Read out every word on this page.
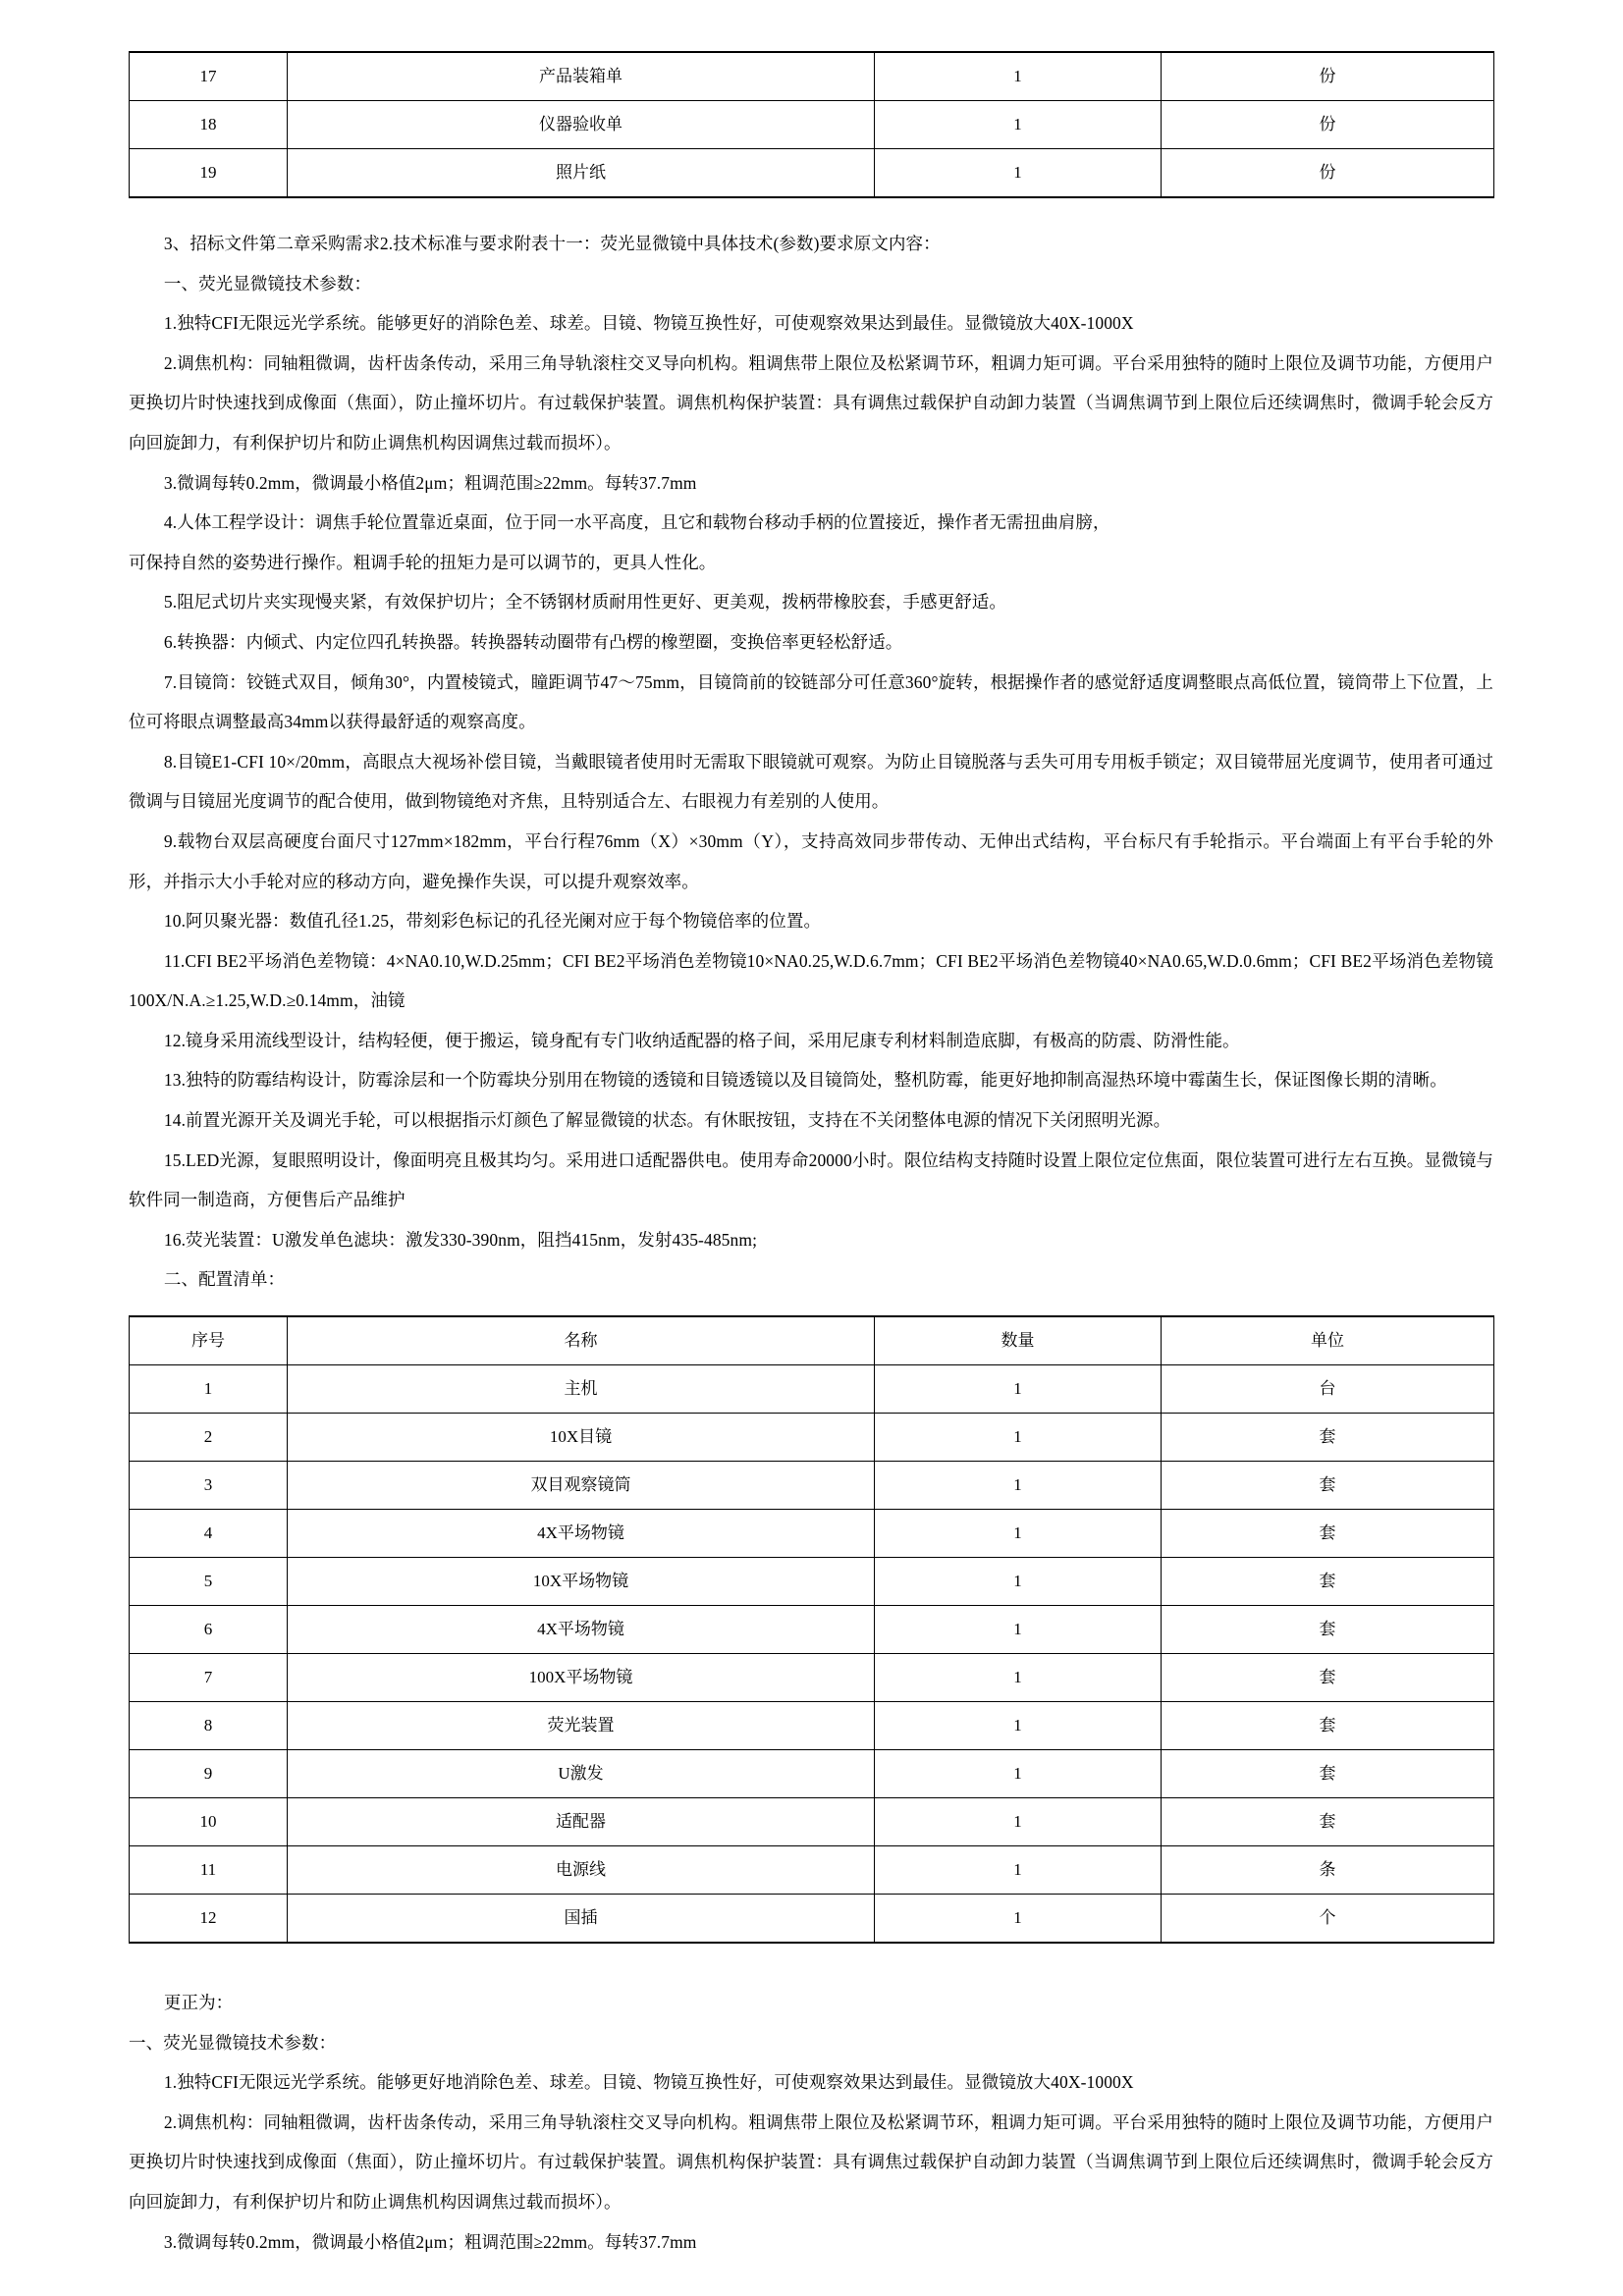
17	产品装箱单	1	份
18	仪器验收单	1	份
19	照片纸	1	份

3、招标文件第二章采购需求2.技术标准与要求附表十一：荧光显微镜中具体技术(参数)要求原文内容：

一、荧光显微镜技术参数：

1.独特CFI无限远光学系统。能够更好的消除色差、球差。目镜、物镜互换性好，可使观察效果达到最佳。显微镜放大40X-1000X

2.调焦机构：同轴粗微调，齿杆齿条传动，采用三角导轨滚柱交叉导向机构。粗调焦带上限位及松紧调节环，粗调力矩可调。平台采用独特的随时上限位及调节功能，方便用户更换切片时快速找到成像面（焦面），防止撞坏切片。有过载保护装置。调焦机构保护装置：具有调焦过载保护自动卸力装置（当调焦调节到上限位后还续调焦时，微调手轮会反方向回旋卸力，有利保护切片和防止调焦机构因调焦过载而损坏）。

3.微调每转0.2mm，微调最小格值2μm；粗调范围≥22mm。每转37.7mm

4.人体工程学设计：调焦手轮位置靠近桌面，位于同一水平高度，且它和载物台移动手柄的位置接近，操作者无需扭曲肩膀，

可保持自然的姿势进行操作。粗调手轮的扭矩力是可以调节的，更具人性化。

5.阻尼式切片夹实现慢夹紧，有效保护切片；全不锈钢材质耐用性更好、更美观，拨柄带橡胶套，手感更舒适。

6.转换器：内倾式、内定位四孔转换器。转换器转动圈带有凸楞的橡塑圈，变换倍率更轻松舒适。

7.目镜筒：铰链式双目，倾角30°，内置棱镜式，瞳距调节47～75mm，目镜筒前的铰链部分可任意360°旋转，根据操作者的感觉舒适度调整眼点高低位置，镜筒带上下位置，上位可将眼点调整最高34mm以获得最舒适的观察高度。

8.目镜E1-CFI 10×/20mm，高眼点大视场补偿目镜，当戴眼镜者使用时无需取下眼镜就可观察。为防止目镜脱落与丢失可用专用板手锁定；双目镜带屈光度调节，使用者可通过微调与目镜屈光度调节的配合使用，做到物镜绝对齐焦，且特别适合左、右眼视力有差别的人使用。

9.载物台双层高硬度台面尺寸127mm×182mm，平台行程76mm（X）×30mm（Y），支持高效同步带传动、无伸出式结构，平台标尺有手轮指示。平台端面上有平台手轮的外形，并指示大小手轮对应的移动方向，避免操作失误，可以提升观察效率。

10.阿贝聚光器：数值孔径1.25，带刻彩色标记的孔径光阑对应于每个物镜倍率的位置。

11.CFI BE2平场消色差物镜：4×NA0.10,W.D.25mm；CFI BE2平场消色差物镜10×NA0.25,W.D.6.7mm；CFI BE2平场消色差物镜40×NA0.65,W.D.0.6mm；CFI BE2平场消色差物镜100X/N.A.≥1.25,W.D.≥0.14mm，油镜

12.镜身采用流线型设计，结构轻便，便于搬运，镜身配有专门收纳适配器的格子间，采用尼康专利材料制造底脚，有极高的防震、防滑性能。

13.独特的防霉结构设计，防霉涂层和一个防霉块分别用在物镜的透镜和目镜透镜以及目镜筒处，整机防霉，能更好地抑制高湿热环境中霉菌生长，保证图像长期的清晰。

14.前置光源开关及调光手轮，可以根据指示灯颜色了解显微镜的状态。有休眠按钮，支持在不关闭整体电源的情况下关闭照明光源。

15.LED光源，复眼照明设计，像面明亮且极其均匀。采用进口适配器供电。使用寿命20000小时。限位结构支持随时设置上限位定位焦面，限位装置可进行左右互换。显微镜与软件同一制造商，方便售后产品维护

16.荧光装置：U激发单色滤块：激发330-390nm，阻挡415nm，发射435-485nm;

二、配置清单：

序号	名称	数量	单位
1	主机	1	台
2	10X目镜	1	套
3	双目观察镜筒	1	套
4	4X平场物镜	1	套
5	10X平场物镜	1	套
6	4X平场物镜	1	套
7	100X平场物镜	1	套
8	荧光装置	1	套
9	U激发	1	套
10	适配器	1	套
11	电源线	1	条
12	国插	1	个

更正为：

一、荧光显微镜技术参数：

1.独特CFI无限远光学系统。能够更好地消除色差、球差。目镜、物镜互换性好，可使观察效果达到最佳。显微镜放大40X-1000X

2.调焦机构：同轴粗微调，齿杆齿条传动，采用三角导轨滚柱交叉导向机构。粗调焦带上限位及松紧调节环，粗调力矩可调。平台采用独特的随时上限位及调节功能，方便用户更换切片时快速找到成像面（焦面），防止撞坏切片。有过载保护装置。调焦机构保护装置：具有调焦过载保护自动卸力装置（当调焦调节到上限位后还续调焦时，微调手轮会反方向回旋卸力，有利保护切片和防止调焦机构因调焦过载而损坏）。

3.微调每转0.2mm，微调最小格值2μm；粗调范围≥22mm。每转37.7mm
